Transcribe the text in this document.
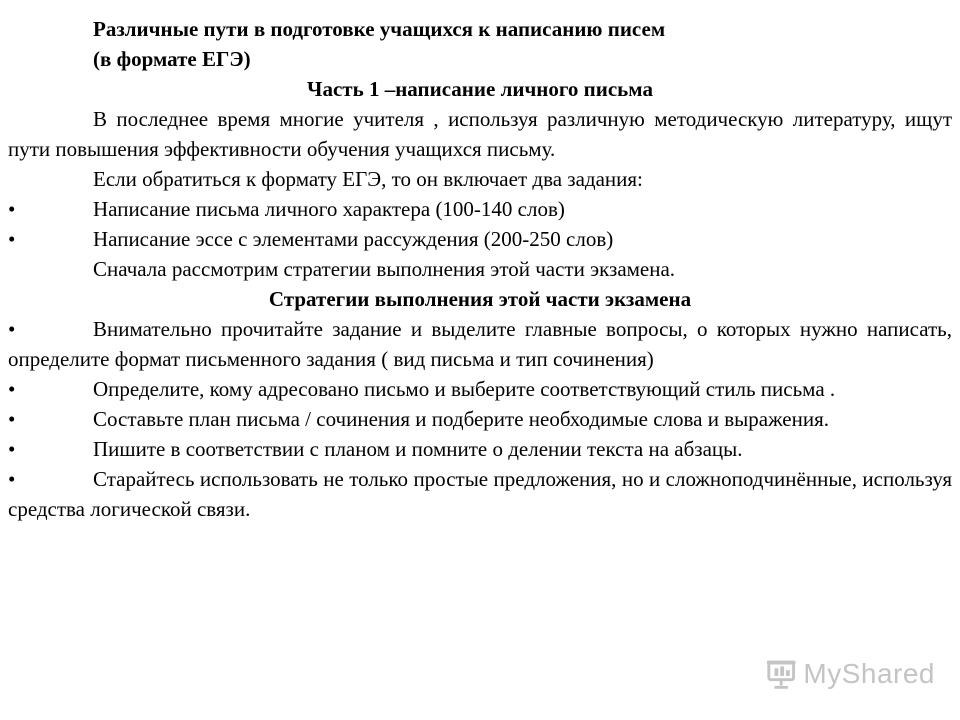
Различные пути в подготовке учащихся к написанию писем

(в формате ЕГЭ)

Часть 1 –написание личного письма

В последнее время многие учителя , используя различную методическую литературу, ищут пути повышения эффективности обучения учащихся письму.

Если обратиться к формату ЕГЭ, то он включает два задания:

•	Написание письма личного характера (100-140 слов)

•	Написание эссе с элементами рассуждения (200-250 слов)

Сначала рассмотрим стратегии выполнения этой части экзамена.

Стратегии выполнения этой части экзамена

•	Внимательно прочитайте задание и выделите главные вопросы, о которых нужно написать, определите формат письменного задания ( вид письма и тип сочинения)

•	Определите, кому адресовано письмо и выберите соответствующий стиль письма .

•	Составьте план письма / сочинения и подберите необходимые слова и выражения.

•	Пишите в соответствии с планом и помните о делении текста на абзацы.

•	Старайтесь использовать не только простые предложения, но и сложноподчинённые, используя средства логической связи.

MyShared
